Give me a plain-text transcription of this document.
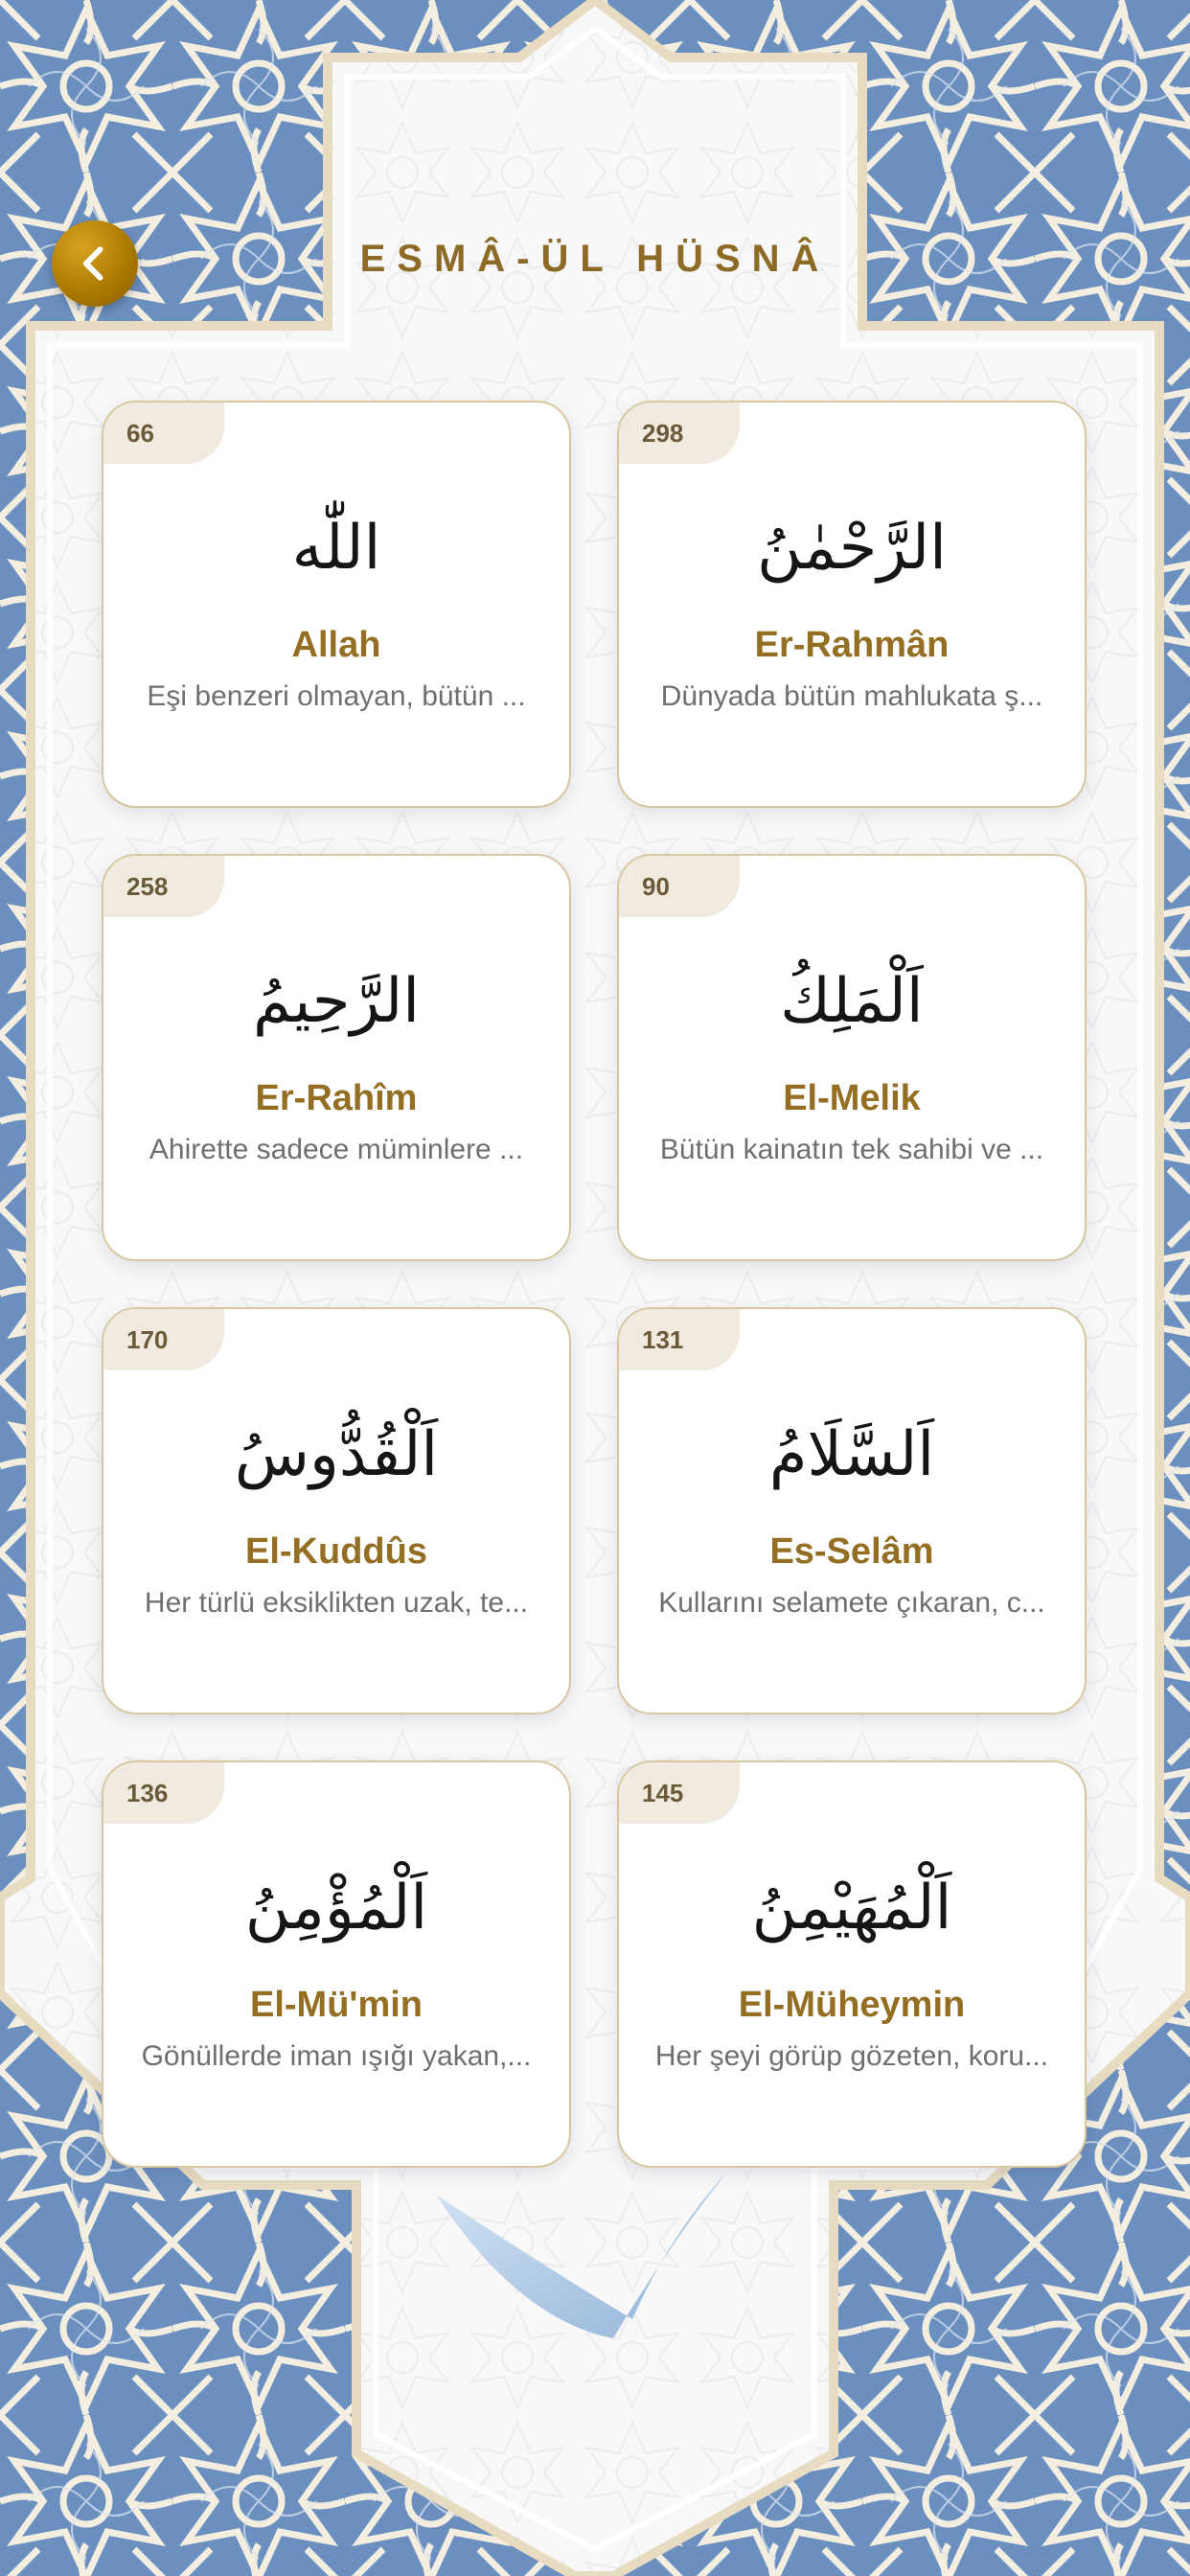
ESMÂ-ÜL HÜSNÂ
66
اللّٰه
Allah
Eşi benzeri olmayan, bütün ...
298
الرَّحْمٰنُ
Er-Rahmân
Dünyada bütün mahlukata ş...
258
الرَّحِيمُ
Er-Rahîm
Ahirette sadece müminlere ...
90
اَلْمَلِكُ
El-Melik
Bütün kainatın tek sahibi ve ...
170
اَلْقُدُّوسُ
El-Kuddûs
Her türlü eksiklikten uzak, te...
131
اَلسَّلَامُ
Es-Selâm
Kullarını selamete çıkaran, c...
136
اَلْمُؤْمِنُ
El-Mü'min
Gönüllerde iman ışığı yakan,...
145
اَلْمُهَيْمِنُ
El-Müheymin
Her şeyi görüp gözeten, koru...
